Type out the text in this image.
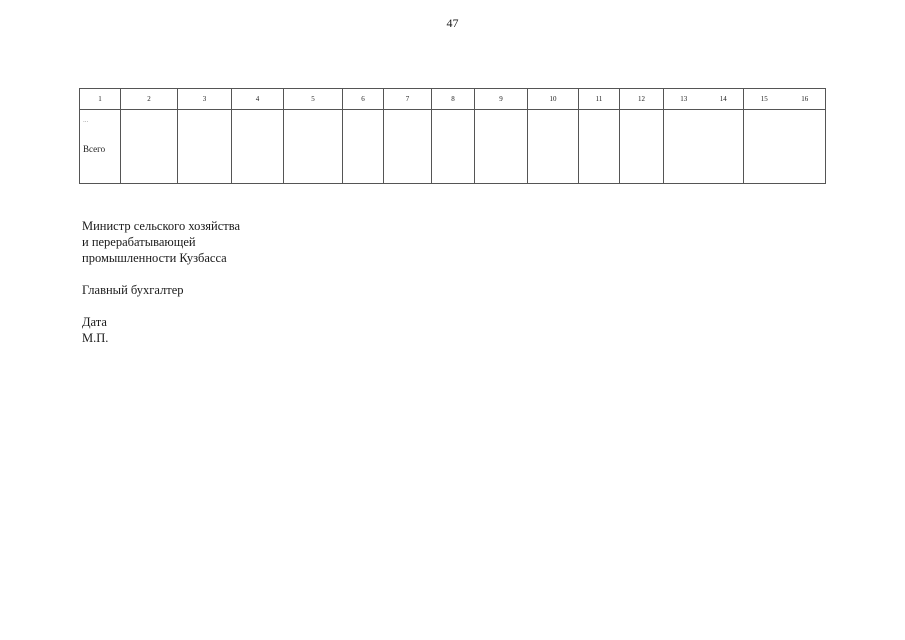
47
1	2	3	4	5	6	7	8	9	10	11	12	13 14	15 16

...
Всего													

Министр сельского хозяйства
и перерабатывающей
промышленности Кузбасса
Главный бухгалтер
Дата
М.П.
